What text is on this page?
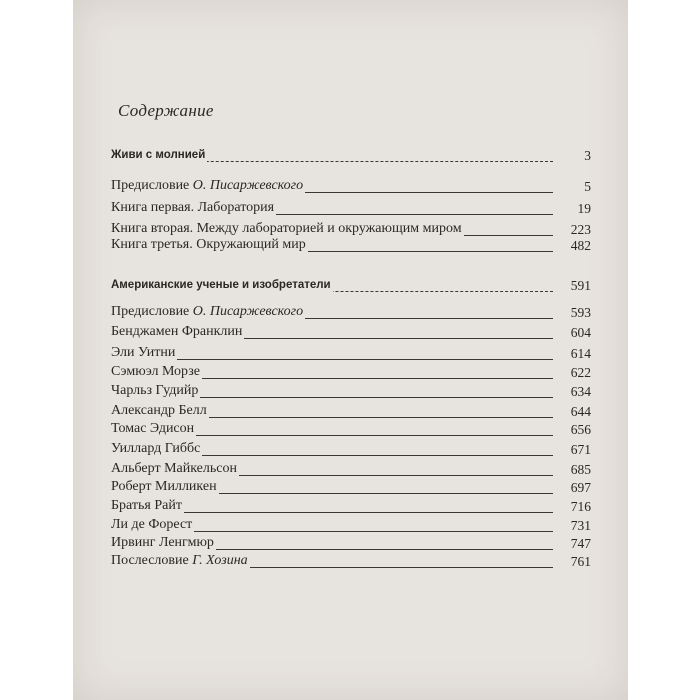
Содержание
Живи с молнией	3
Предисловие О. Писаржевского	5
Книга первая. Лаборатория	19
Книга вторая. Между лабораторией и окружающим миром	223
Книга третья. Окружающий мир	482
Американские ученые и изобретатели	591
Предисловие О. Писаржевского	593
Бенджамен Франклин	604
Эли Уитни	614
Сэмюэл Морзе	622
Чарльз Гудийр	634
Александр Белл	644
Томас Эдисон	656
Уиллард Гиббс	671
Альберт Майкельсон	685
Роберт Милликен	697
Братья Райт	716
Ли де Форест	731
Ирвинг Ленгмюр	747
Послесловие Г. Хозина	761
